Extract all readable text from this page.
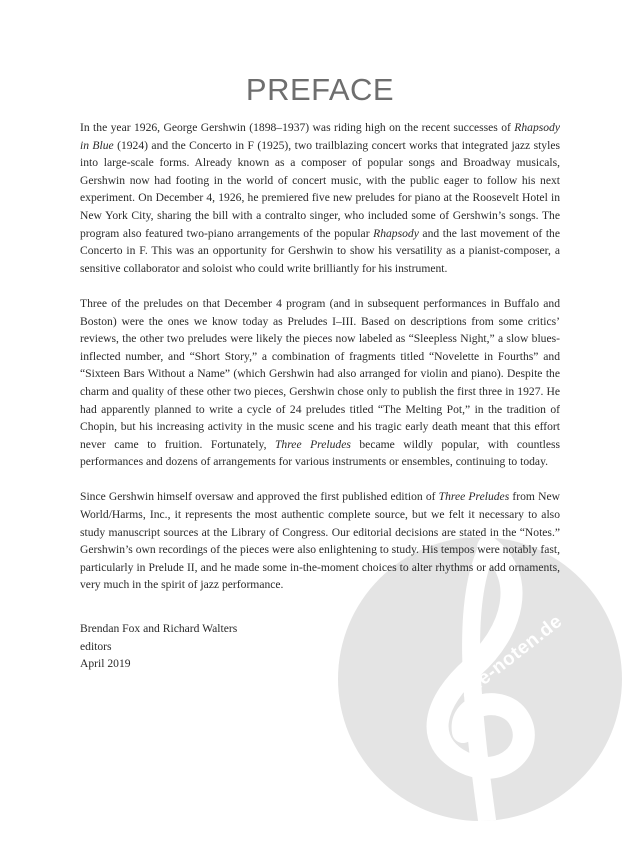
alle-noten.de
PREFACE

In the year 1926, George Gershwin (1898–1937) was riding high on the recent successes of Rhapsody in Blue (1924) and the Concerto in F (1925), two trailblazing concert works that integrated jazz styles into large-scale forms. Already known as a composer of popular songs and Broadway musicals, Gershwin now had footing in the world of concert music, with the public eager to follow his next experiment. On December 4, 1926, he premiered five new preludes for piano at the Roosevelt Hotel in New York City, sharing the bill with a contralto singer, who included some of Gershwin’s songs. The program also featured two-piano arrangements of the popular Rhapsody and the last movement of the Concerto in F. This was an opportunity for Gershwin to show his versatility as a pianist-composer, a sensitive collaborator and soloist who could write brilliantly for his instrument.

Three of the preludes on that December 4 program (and in subsequent performances in Buffalo and Boston) were the ones we know today as Preludes I–III. Based on descriptions from some critics’ reviews, the other two preludes were likely the pieces now labeled as “Sleepless Night,” a slow blues-inflected number, and “Short Story,” a combination of fragments titled “Novelette in Fourths” and “Sixteen Bars Without a Name” (which Gershwin had also arranged for violin and piano). Despite the charm and quality of these other two pieces, Gershwin chose only to publish the first three in 1927. He had apparently planned to write a cycle of 24 preludes titled “The Melting Pot,” in the tradition of Chopin, but his increasing activity in the music scene and his tragic early death meant that this effort never came to fruition. Fortunately, Three Preludes became wildly popular, with countless performances and dozens of arrangements for various instruments or ensembles, continuing to today.

Since Gershwin himself oversaw and approved the first published edition of Three Preludes from New World/Harms, Inc., it represents the most authentic complete source, but we felt it necessary to also study manuscript sources at the Library of Congress. Our editorial decisions are stated in the “Notes.” Gershwin’s own recordings of the pieces were also enlightening to study. His tempos were notably fast, particularly in Prelude II, and he made some in-the-moment choices to alter rhythms or add ornaments, very much in the spirit of jazz performance.

Brendan Fox and Richard Walters
editors
April 2019
